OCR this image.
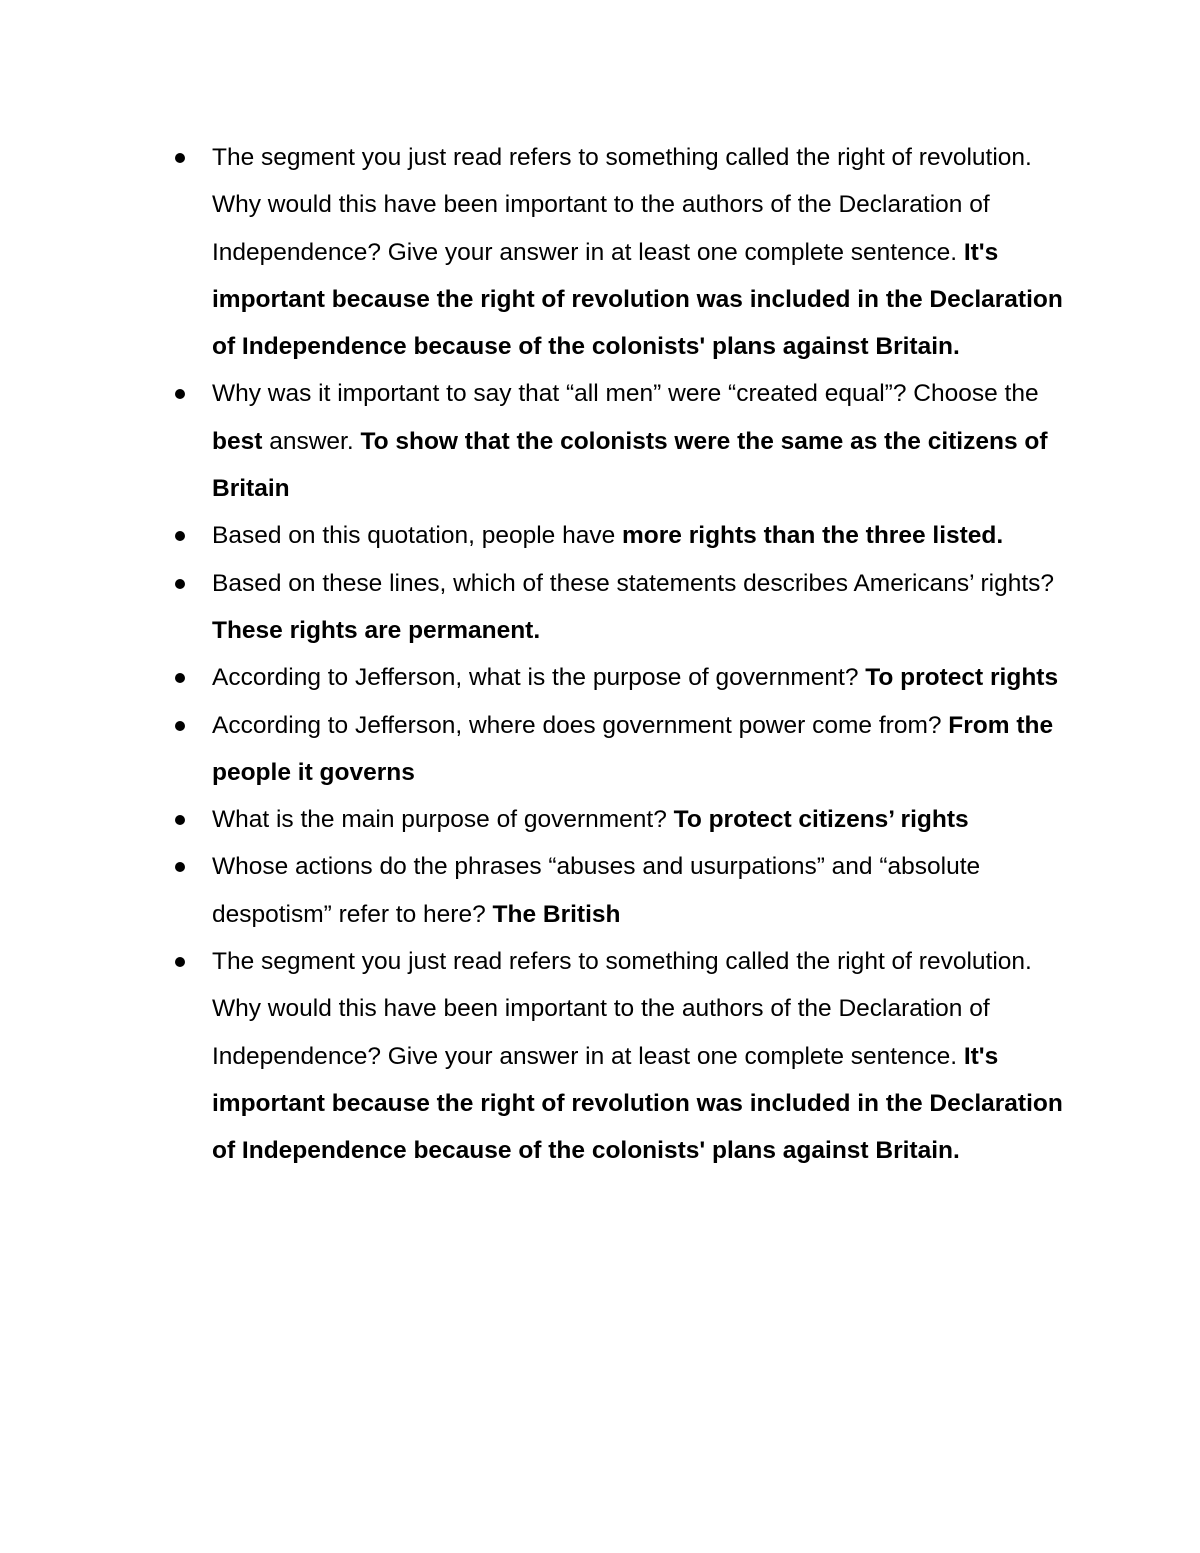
The segment you just read refers to something called the right of revolution. Why would this have been important to the authors of the Declaration of Independence? Give your answer in at least one complete sentence. It's important because the right of revolution was included in the Declaration of Independence because of the colonists' plans against Britain.
Why was it important to say that “all men” were “created equal”? Choose the best answer. To show that the colonists were the same as the citizens of Britain
Based on this quotation, people have more rights than the three listed.
Based on these lines, which of these statements describes Americans’ rights? These rights are permanent.
According to Jefferson, what is the purpose of government? To protect rights
According to Jefferson, where does government power come from? From the people it governs
What is the main purpose of government? To protect citizens’ rights
Whose actions do the phrases “abuses and usurpations” and “absolute despotism” refer to here? The British
The segment you just read refers to something called the right of revolution. Why would this have been important to the authors of the Declaration of Independence? Give your answer in at least one complete sentence. It's important because the right of revolution was included in the Declaration of Independence because of the colonists' plans against Britain.
